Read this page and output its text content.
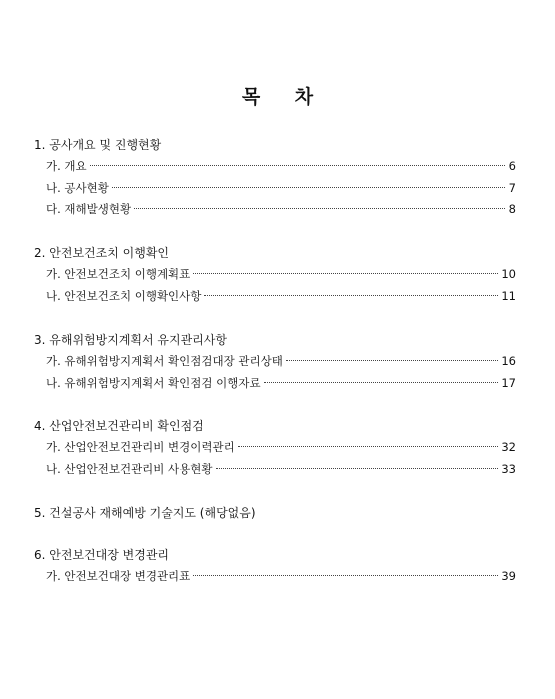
목 차
1. 공사개요 및 진행현황
가. 개요	6
나. 공사현황	7
다. 재해발생현황	8
2. 안전보건조치 이행확인
가. 안전보건조치 이행계획표	10
나. 안전보건조치 이행확인사항	11
3. 유해위험방지계획서 유지관리사항
가. 유해위험방지계획서 확인점검대장 관리상태	16
나. 유해위험방지계획서 확인점검 이행자료	17
4. 산업안전보건관리비 확인점검
가. 산업안전보건관리비 변경이력관리	32
나. 산업안전보건관리비 사용현황	33
5. 건설공사 재해예방 기술지도 (해당없음)
6. 안전보건대장 변경관리
가. 안전보건대장 변경관리표	39
